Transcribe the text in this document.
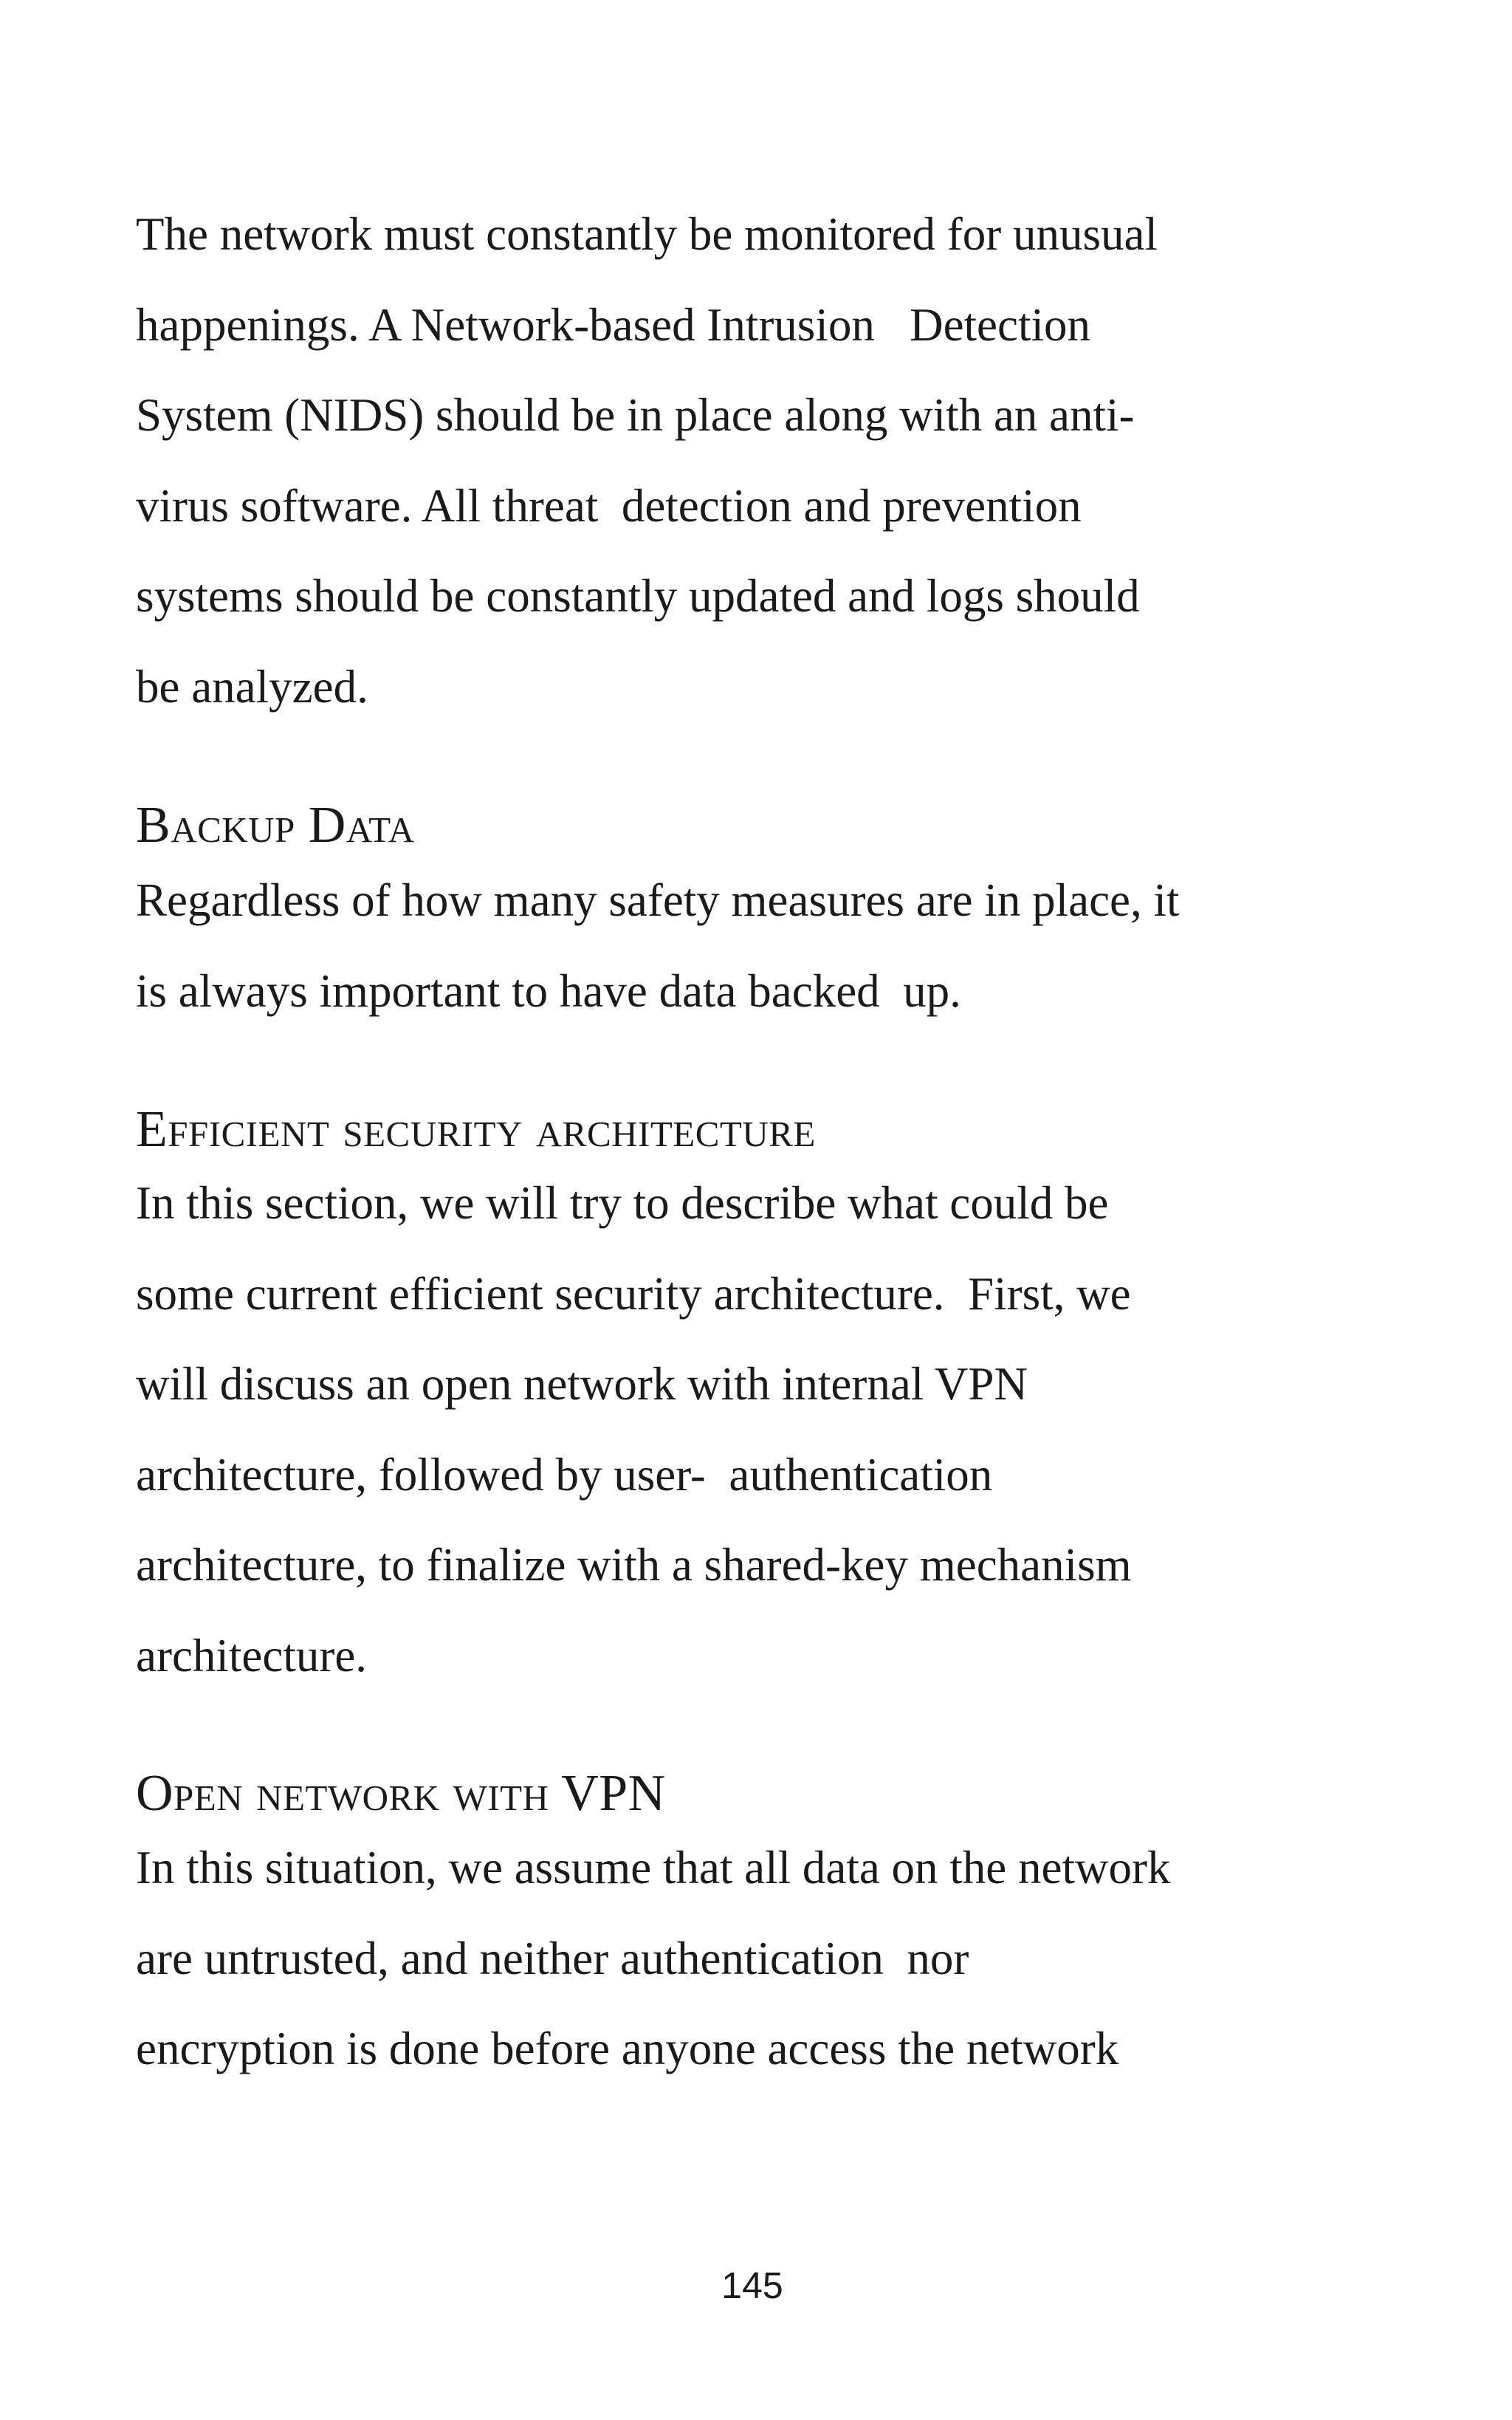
The network must constantly be monitored for unusual
happenings. A Network-based Intrusion   Detection
System (NIDS) should be in place along with an anti-
virus software. All threat  detection and prevention
systems should be constantly updated and logs should
be analyzed.

Backup Data

Regardless of how many safety measures are in place, it
is always important to have data backed  up.

Efficient security architecture

In this section, we will try to describe what could be
some current efficient security architecture.  First, we
will discuss an open network with internal VPN
architecture, followed by user-  authentication
architecture, to finalize with a shared-key mechanism
architecture.

Open network with VPN

In this situation, we assume that all data on the network
are untrusted, and neither authentication  nor
encryption is done before anyone access the network

145
